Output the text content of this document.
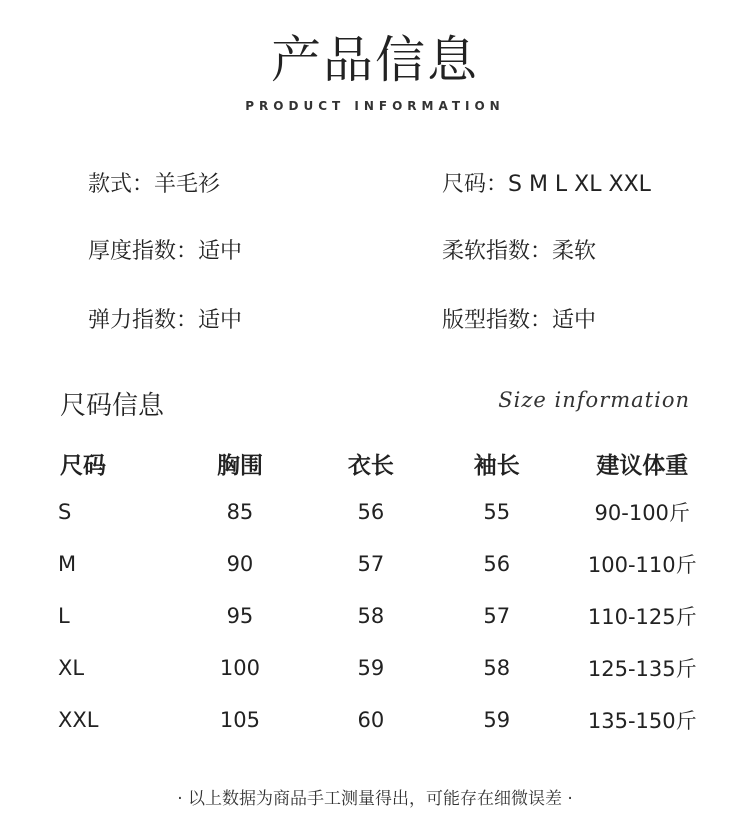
产品信息
PRODUCT INFORMATION
款式：羊毛衫	尺码：S M L XL XXL
厚度指数：适中	柔软指数：柔软
弹力指数：适中	版型指数：适中
尺码信息	Size information
尺码	胸围	衣长	袖长	建议体重
S	85	56	55	90-100斤
M	90	57	56	100-110斤
L	95	58	57	110-125斤
XL	100	59	58	125-135斤
XXL	105	60	59	135-150斤
· 以上数据为商品手工测量得出，可能存在细微误差 ·
